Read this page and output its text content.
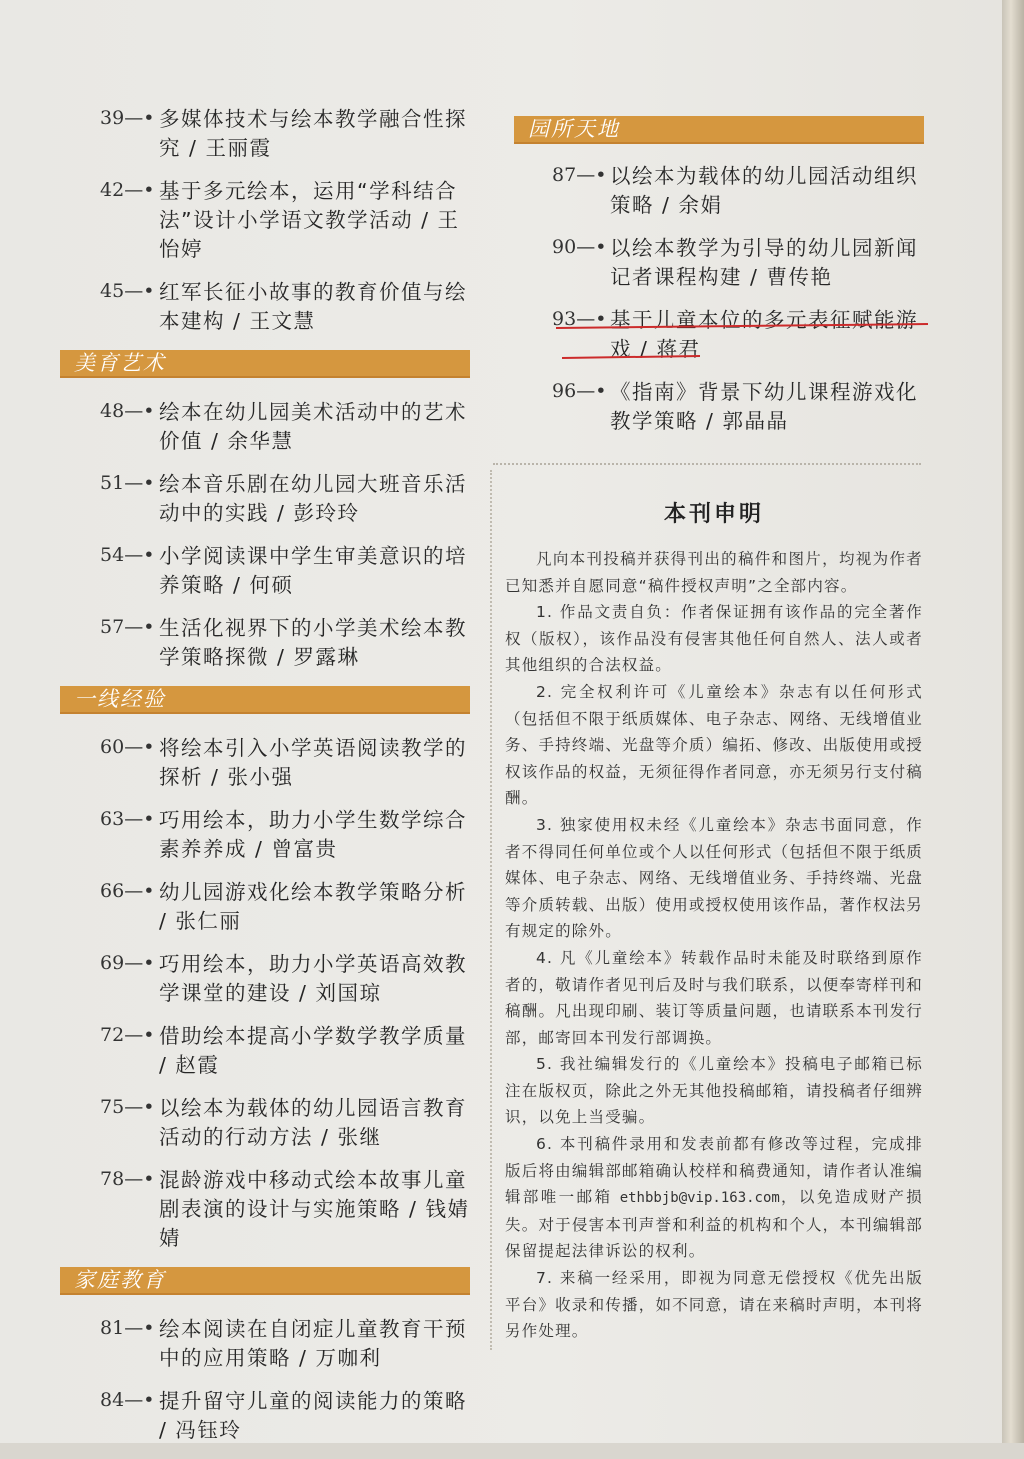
39—• 多媒体技术与绘本教学融合性探究 / 王丽霞
42—• 基于多元绘本，运用“学科结合法”设计小学语文教学活动 / 王怡婷
45—• 红军长征小故事的教育价值与绘本建构 / 王文慧
美育艺术
48—• 绘本在幼儿园美术活动中的艺术价值 / 余华慧
51—• 绘本音乐剧在幼儿园大班音乐活动中的实践 / 彭玲玲
54—• 小学阅读课中学生审美意识的培养策略 / 何硕
57—• 生活化视界下的小学美术绘本教学策略探微 / 罗露琳
一线经验
60—• 将绘本引入小学英语阅读教学的探析 / 张小强
63—• 巧用绘本，助力小学生数学综合素养养成 / 曾富贵
66—• 幼儿园游戏化绘本教学策略分析 / 张仁丽
69—• 巧用绘本，助力小学英语高效教学课堂的建设 / 刘国琼
72—• 借助绘本提高小学数学教学质量 / 赵霞
75—• 以绘本为载体的幼儿园语言教育活动的行动方法 / 张继
78—• 混龄游戏中移动式绘本故事儿童剧表演的设计与实施策略 / 钱婧婧
家庭教育
81—• 绘本阅读在自闭症儿童教育干预中的应用策略 / 万咖利
84—• 提升留守儿童的阅读能力的策略 / 冯钰玲
园所天地
87—• 以绘本为载体的幼儿园活动组织策略 / 余娟
90—• 以绘本教学为引导的幼儿园新闻记者课程构建 / 曹传艳
93—• 基于儿童本位的多元表征赋能游戏 / 蒋君
96—• 《指南》背景下幼儿课程游戏化教学策略 / 郭晶晶
本刊申明

凡向本刊投稿并获得刊出的稿件和图片，均视为作者已知悉并自愿同意“稿件授权声明”之全部内容。

1. 作品文责自负：作者保证拥有该作品的完全著作权（版权），该作品没有侵害其他任何自然人、法人或者其他组织的合法权益。

2. 完全权利许可《儿童绘本》杂志有以任何形式（包括但不限于纸质媒体、电子杂志、网络、无线增值业务、手持终端、光盘等介质）编拓、修改、出版使用或授权该作品的权益，无须征得作者同意，亦无须另行支付稿酬。

3. 独家使用权未经《儿童绘本》杂志书面同意，作者不得同任何单位或个人以任何形式（包括但不限于纸质媒体、电子杂志、网络、无线增值业务、手持终端、光盘等介质转载、出版）使用或授权使用该作品，著作权法另有规定的除外。

4. 凡《儿童绘本》转载作品时未能及时联络到原作者的，敬请作者见刊后及时与我们联系，以便奉寄样刊和稿酬。凡出现印刷、装订等质量问题，也请联系本刊发行部，邮寄回本刊发行部调换。

5. 我社编辑发行的《儿童绘本》投稿电子邮箱已标注在版权页，除此之外无其他投稿邮箱，请投稿者仔细辨识，以免上当受骗。

6. 本刊稿件录用和发表前都有修改等过程，完成排版后将由编辑部邮箱确认校样和稿费通知，请作者认准编辑部唯一邮箱 ethbbjb@vip.163.com，以免造成财产损失。对于侵害本刊声誉和利益的机构和个人，本刊编辑部保留提起法律诉讼的权利。

7. 来稿一经采用，即视为同意无偿授权《优先出版平台》收录和传播，如不同意，请在来稿时声明，本刊将另作处理。
